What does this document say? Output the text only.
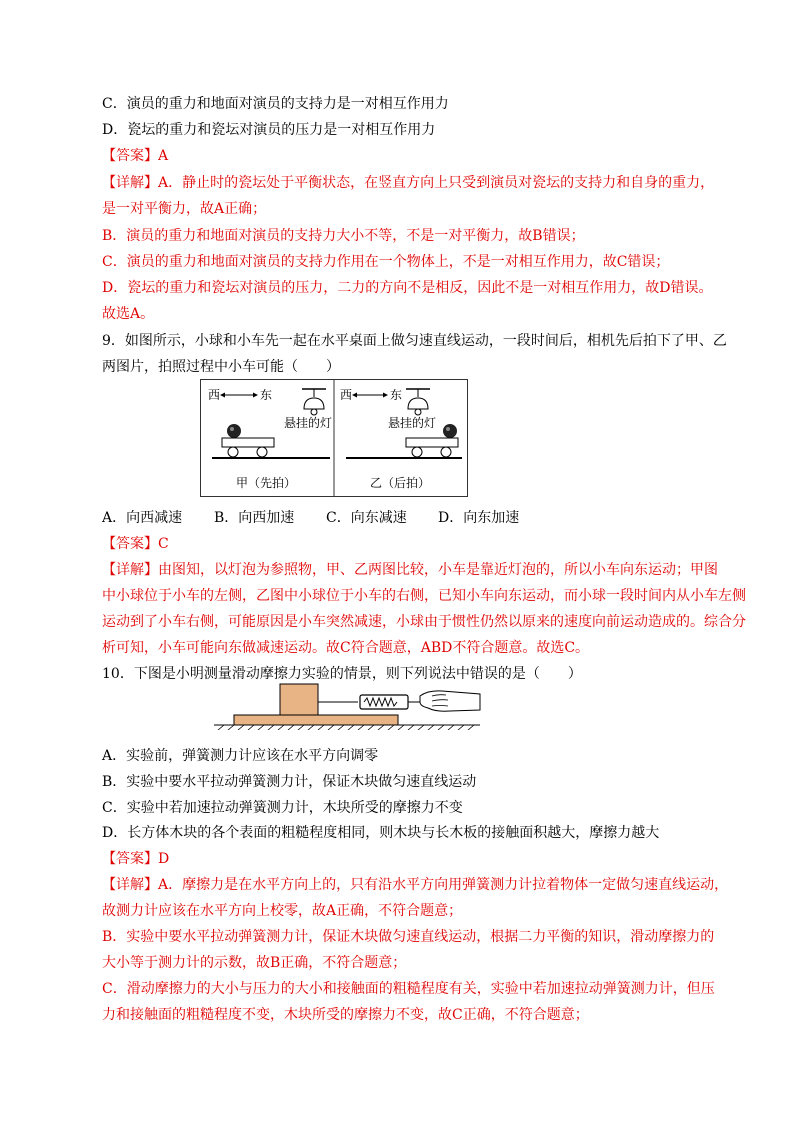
C．演员的重力和地面对演员的支持力是一对相互作用力
D．瓷坛的重力和瓷坛对演员的压力是一对相互作用力
【答案】A
【详解】A．静止时的瓷坛处于平衡状态，在竖直方向上只受到演员对瓷坛的支持力和自身的重力，
是一对平衡力，故A正确；
B．演员的重力和地面对演员的支持力大小不等，不是一对平衡力，故B错误；
C．演员的重力和地面对演员的支持力作用在一个物体上，不是一对相互作用力，故C错误；
D．瓷坛的重力和瓷坛对演员的压力，二力的方向不是相反，因此不是一对相互作用力，故D错误。
故选A。
9．如图所示，小球和小车先一起在水平桌面上做匀速直线运动，一段时间后，相机先后拍下了甲、乙
两图片，拍照过程中小车可能（　　）
西	东
悬挂的灯
西	东
悬挂的灯
甲（先拍）	乙（后拍）
A．向西减速 B．向西加速 C．向东减速 D．向东加速
【答案】C
【详解】由图知，以灯泡为参照物，甲、乙两图比较，小车是靠近灯泡的，所以小车向东运动；甲图
中小球位于小车的左侧，乙图中小球位于小车的右侧，已知小车向东运动，而小球一段时间内从小车左侧
运动到了小车右侧，可能原因是小车突然减速，小球由于惯性仍然以原来的速度向前运动造成的。综合分
析可知，小车可能向东做减速运动。故C符合题意，ABD不符合题意。故选C。
10．下图是小明测量滑动摩擦力实验的情景，则下列说法中错误的是（　　）
A．实验前，弹簧测力计应该在水平方向调零
B．实验中要水平拉动弹簧测力计，保证木块做匀速直线运动
C．实验中若加速拉动弹簧测力计，木块所受的摩擦力不变
D．长方体木块的各个表面的粗糙程度相同，则木块与长木板的接触面积越大，摩擦力越大
【答案】D
【详解】A．摩擦力是在水平方向上的，只有沿水平方向用弹簧测力计拉着物体一定做匀速直线运动，
故测力计应该在水平方向上校零，故A正确，不符合题意；
B．实验中要水平拉动弹簧测力计，保证木块做匀速直线运动，根据二力平衡的知识，滑动摩擦力的
大小等于测力计的示数，故B正确，不符合题意；
C．滑动摩擦力的大小与压力的大小和接触面的粗糙程度有关，实验中若加速拉动弹簧测力计，但压
力和接触面的粗糙程度不变，木块所受的摩擦力不变，故C正确，不符合题意；
